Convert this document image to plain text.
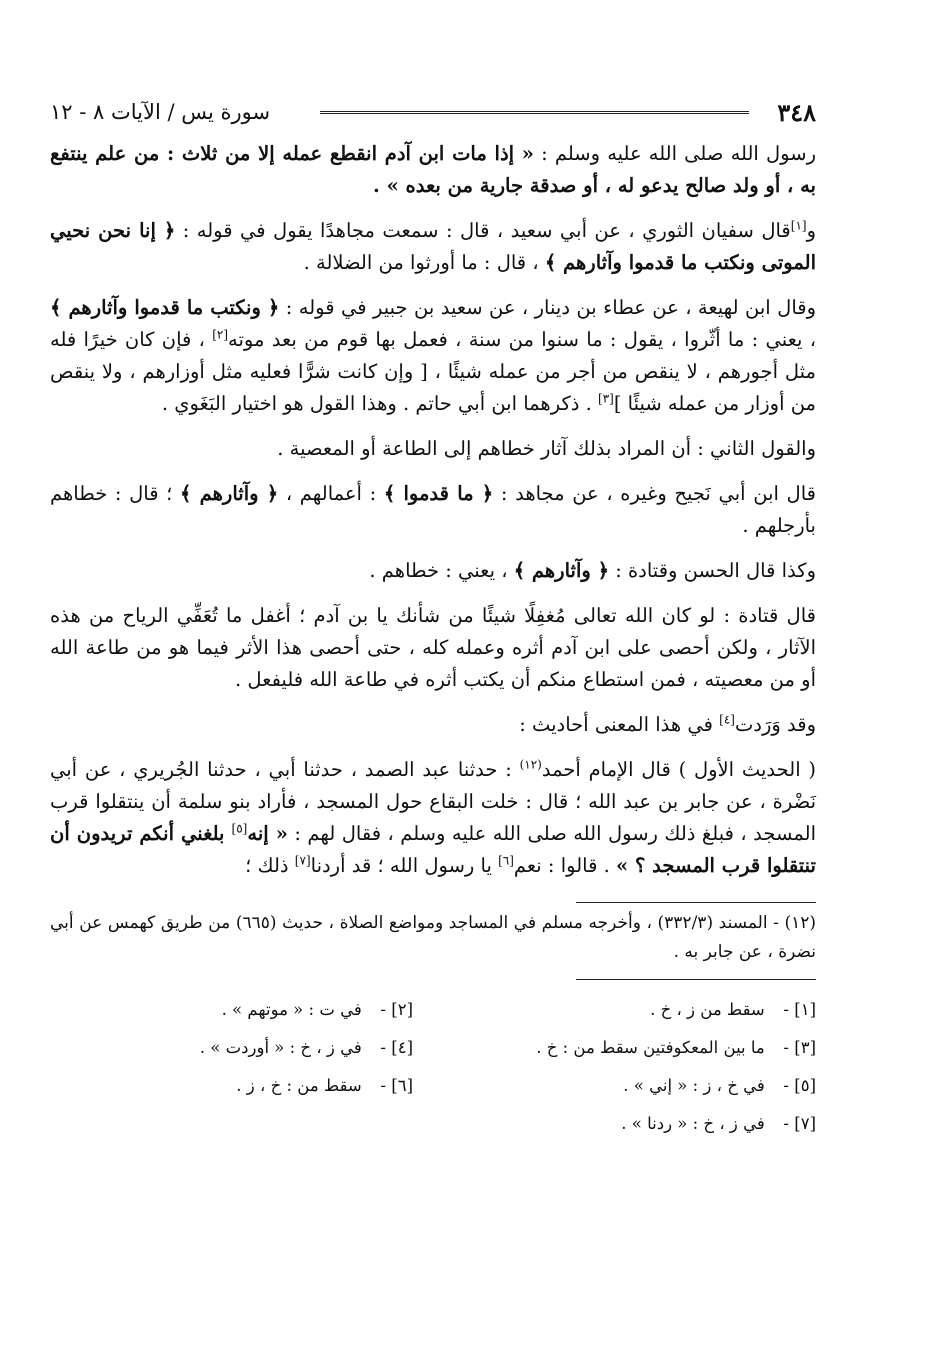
٣٤٨
سورة يس / الآيات ٨ - ١٢

رسول الله صلى الله عليه وسلم : « إذا مات ابن آدم انقطع عمله إلا من ثلاث : من علم ينتفع به ، أو ولد صالح يدعو له ، أو صدقة جارية من بعده » .

و[١]قال سفيان الثوري ، عن أبي سعيد ، قال : سمعت مجاهدًا يقول في قوله : ﴿ إنا نحن نحيي الموتى ونكتب ما قدموا وآثارهم ﴾ ، قال : ما أورثوا من الضلالة .

وقال ابن لهيعة ، عن عطاء بن دينار ، عن سعيد بن جبير في قوله : ﴿ ونكتب ما قدموا وآثارهم ﴾ ، يعني : ما أثّروا ، يقول : ما سنوا من سنة ، فعمل بها قوم من بعد موته[٢] ، فإن كان خيرًا فله مثل أجورهم ، لا ينقص من أجر من عمله شيئًا ، [ وإن كانت شرًّا فعليه مثل أوزارهم ، ولا ينقص من أوزار من عمله شيئًا ][٣] . ذكرهما ابن أبي حاتم . وهذا القول هو اختيار البَغَوي .

والقول الثاني : أن المراد بذلك آثار خطاهم إلى الطاعة أو المعصية .

قال ابن أبي نَجيح وغيره ، عن مجاهد : ﴿ ما قدموا ﴾ : أعمالهم ، ﴿ وآثارهم ﴾ ؛ قال : خطاهم بأرجلهم .

وكذا قال الحسن وقتادة : ﴿ وآثارهم ﴾ ، يعني : خطاهم .

قال قتادة : لو كان الله تعالى مُغفِلًا شيئًا من شأنك يا بن آدم ؛ أغفل ما تُعَفِّي الرياح من هذه الآثار ، ولكن أحصى على ابن آدم أثره وعمله كله ، حتى أحصى هذا الأثر فيما هو من طاعة الله أو من معصيته ، فمن استطاع منكم أن يكتب أثره في طاعة الله فليفعل .

وقد وَرَدت[٤] في هذا المعنى أحاديث :

( الحديث الأول ) قال الإمام أحمد$^{(١٢)}$ : حدثنا عبد الصمد ، حدثنا أبي ، حدثنا الجُريري ، عن أبي نَضْرة ، عن جابر بن عبد الله ؛ قال : خلت البقاع حول المسجد ، فأراد بنو سلمة أن ينتقلوا قرب المسجد ، فبلغ ذلك رسول الله صلى الله عليه وسلم ، فقال لهم : « إنه[٥] بلغني أنكم تريدون أن تنتقلوا قرب المسجد ؟ » . قالوا : نعم[٦] يا رسول الله ؛ قد أردنا[٧] ذلك ؛

(١٢) - المسند (٣٣٢/٣) ، وأخرجه مسلم في المساجد ومواضع الصلاة ، حديث (٦٦٥) من طريق كهمس عن أبي نضرة ، عن جابر به .
[١] - سقط من ز ، خ .
[٢] - في ت : « موتهم » .
[٣] - ما بين المعكوفتين سقط من : خ .
[٤] - في ز ، خ : « أوردت » .
[٥] - في خ ، ز : « إني » .
[٦] - سقط من : خ ، ز .
[٧] - في ز ، خ : « ردنا » .
